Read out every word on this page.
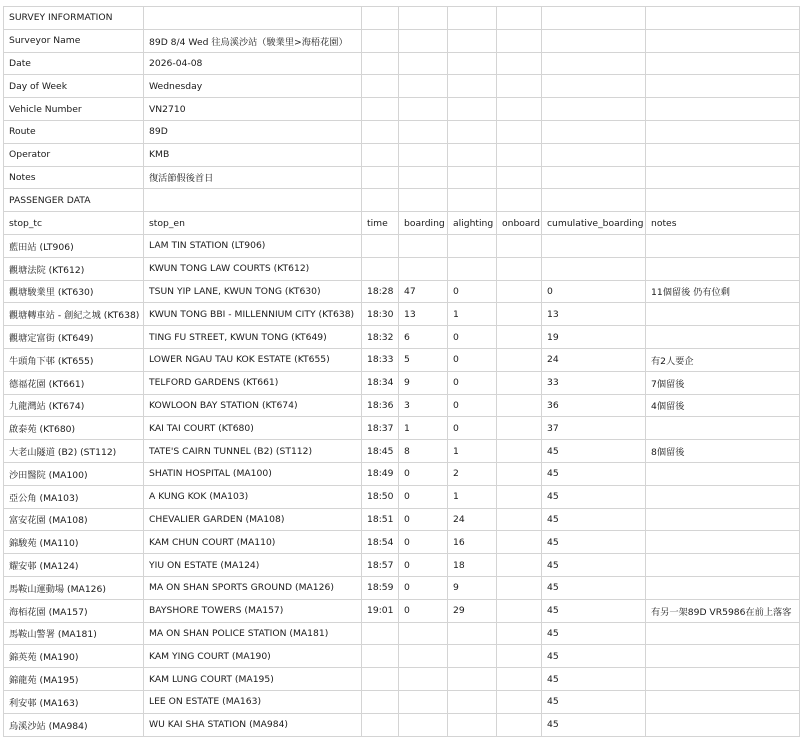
SURVEY INFORMATION							
Surveyor Name	89D 8/4 Wed 往烏溪沙站（駿業里>海梧花園）						
Date	2026-04-08						
Day of Week	Wednesday						
Vehicle Number	VN2710						
Route	89D						
Operator	KMB						
Notes	復活節假後首日						
PASSENGER DATA							
stop_tc	stop_en	time	boarding	alighting	onboard	cumulative_boarding	notes
藍田站 (LT906)	LAM TIN STATION (LT906)						
觀塘法院 (KT612)	KWUN TONG LAW COURTS (KT612)						
觀塘駿業里 (KT630)	TSUN YIP LANE, KWUN TONG (KT630)	18:28	47	0		0	11個留後 仍有位剩
觀塘轉車站 - 創紀之城 (KT638)	KWUN TONG BBI - MILLENNIUM CITY (KT638)	18:30	13	1		13	
觀塘定富街 (KT649)	TING FU STREET, KWUN TONG (KT649)	18:32	6	0		19	
牛頭角下邨 (KT655)	LOWER NGAU TAU KOK ESTATE (KT655)	18:33	5	0		24	有2人要企
德福花園 (KT661)	TELFORD GARDENS (KT661)	18:34	9	0		33	7個留後
九龍灣站 (KT674)	KOWLOON BAY STATION (KT674)	18:36	3	0		36	4個留後
啟泰苑 (KT680)	KAI TAI COURT (KT680)	18:37	1	0		37	
大老山隧道 (B2) (ST112)	TATE'S CAIRN TUNNEL (B2) (ST112)	18:45	8	1		45	8個留後
沙田醫院 (MA100)	SHATIN HOSPITAL (MA100)	18:49	0	2		45	
亞公角 (MA103)	A KUNG KOK (MA103)	18:50	0	1		45	
富安花園 (MA108)	CHEVALIER GARDEN (MA108)	18:51	0	24		45	
錦駿苑 (MA110)	KAM CHUN COURT (MA110)	18:54	0	16		45	
耀安邨 (MA124)	YIU ON ESTATE (MA124)	18:57	0	18		45	
馬鞍山運動場 (MA126)	MA ON SHAN SPORTS GROUND (MA126)	18:59	0	9		45	
海栢花園 (MA157)	BAYSHORE TOWERS (MA157)	19:01	0	29		45	有另一架89D VR5986在前上落客
馬鞍山警署 (MA181)	MA ON SHAN POLICE STATION (MA181)					45	
錦英苑 (MA190)	KAM YING COURT (MA190)					45	
錦龍苑 (MA195)	KAM LUNG COURT (MA195)					45	
利安邨 (MA163)	LEE ON ESTATE (MA163)					45	
烏溪沙站 (MA984)	WU KAI SHA STATION (MA984)					45	
